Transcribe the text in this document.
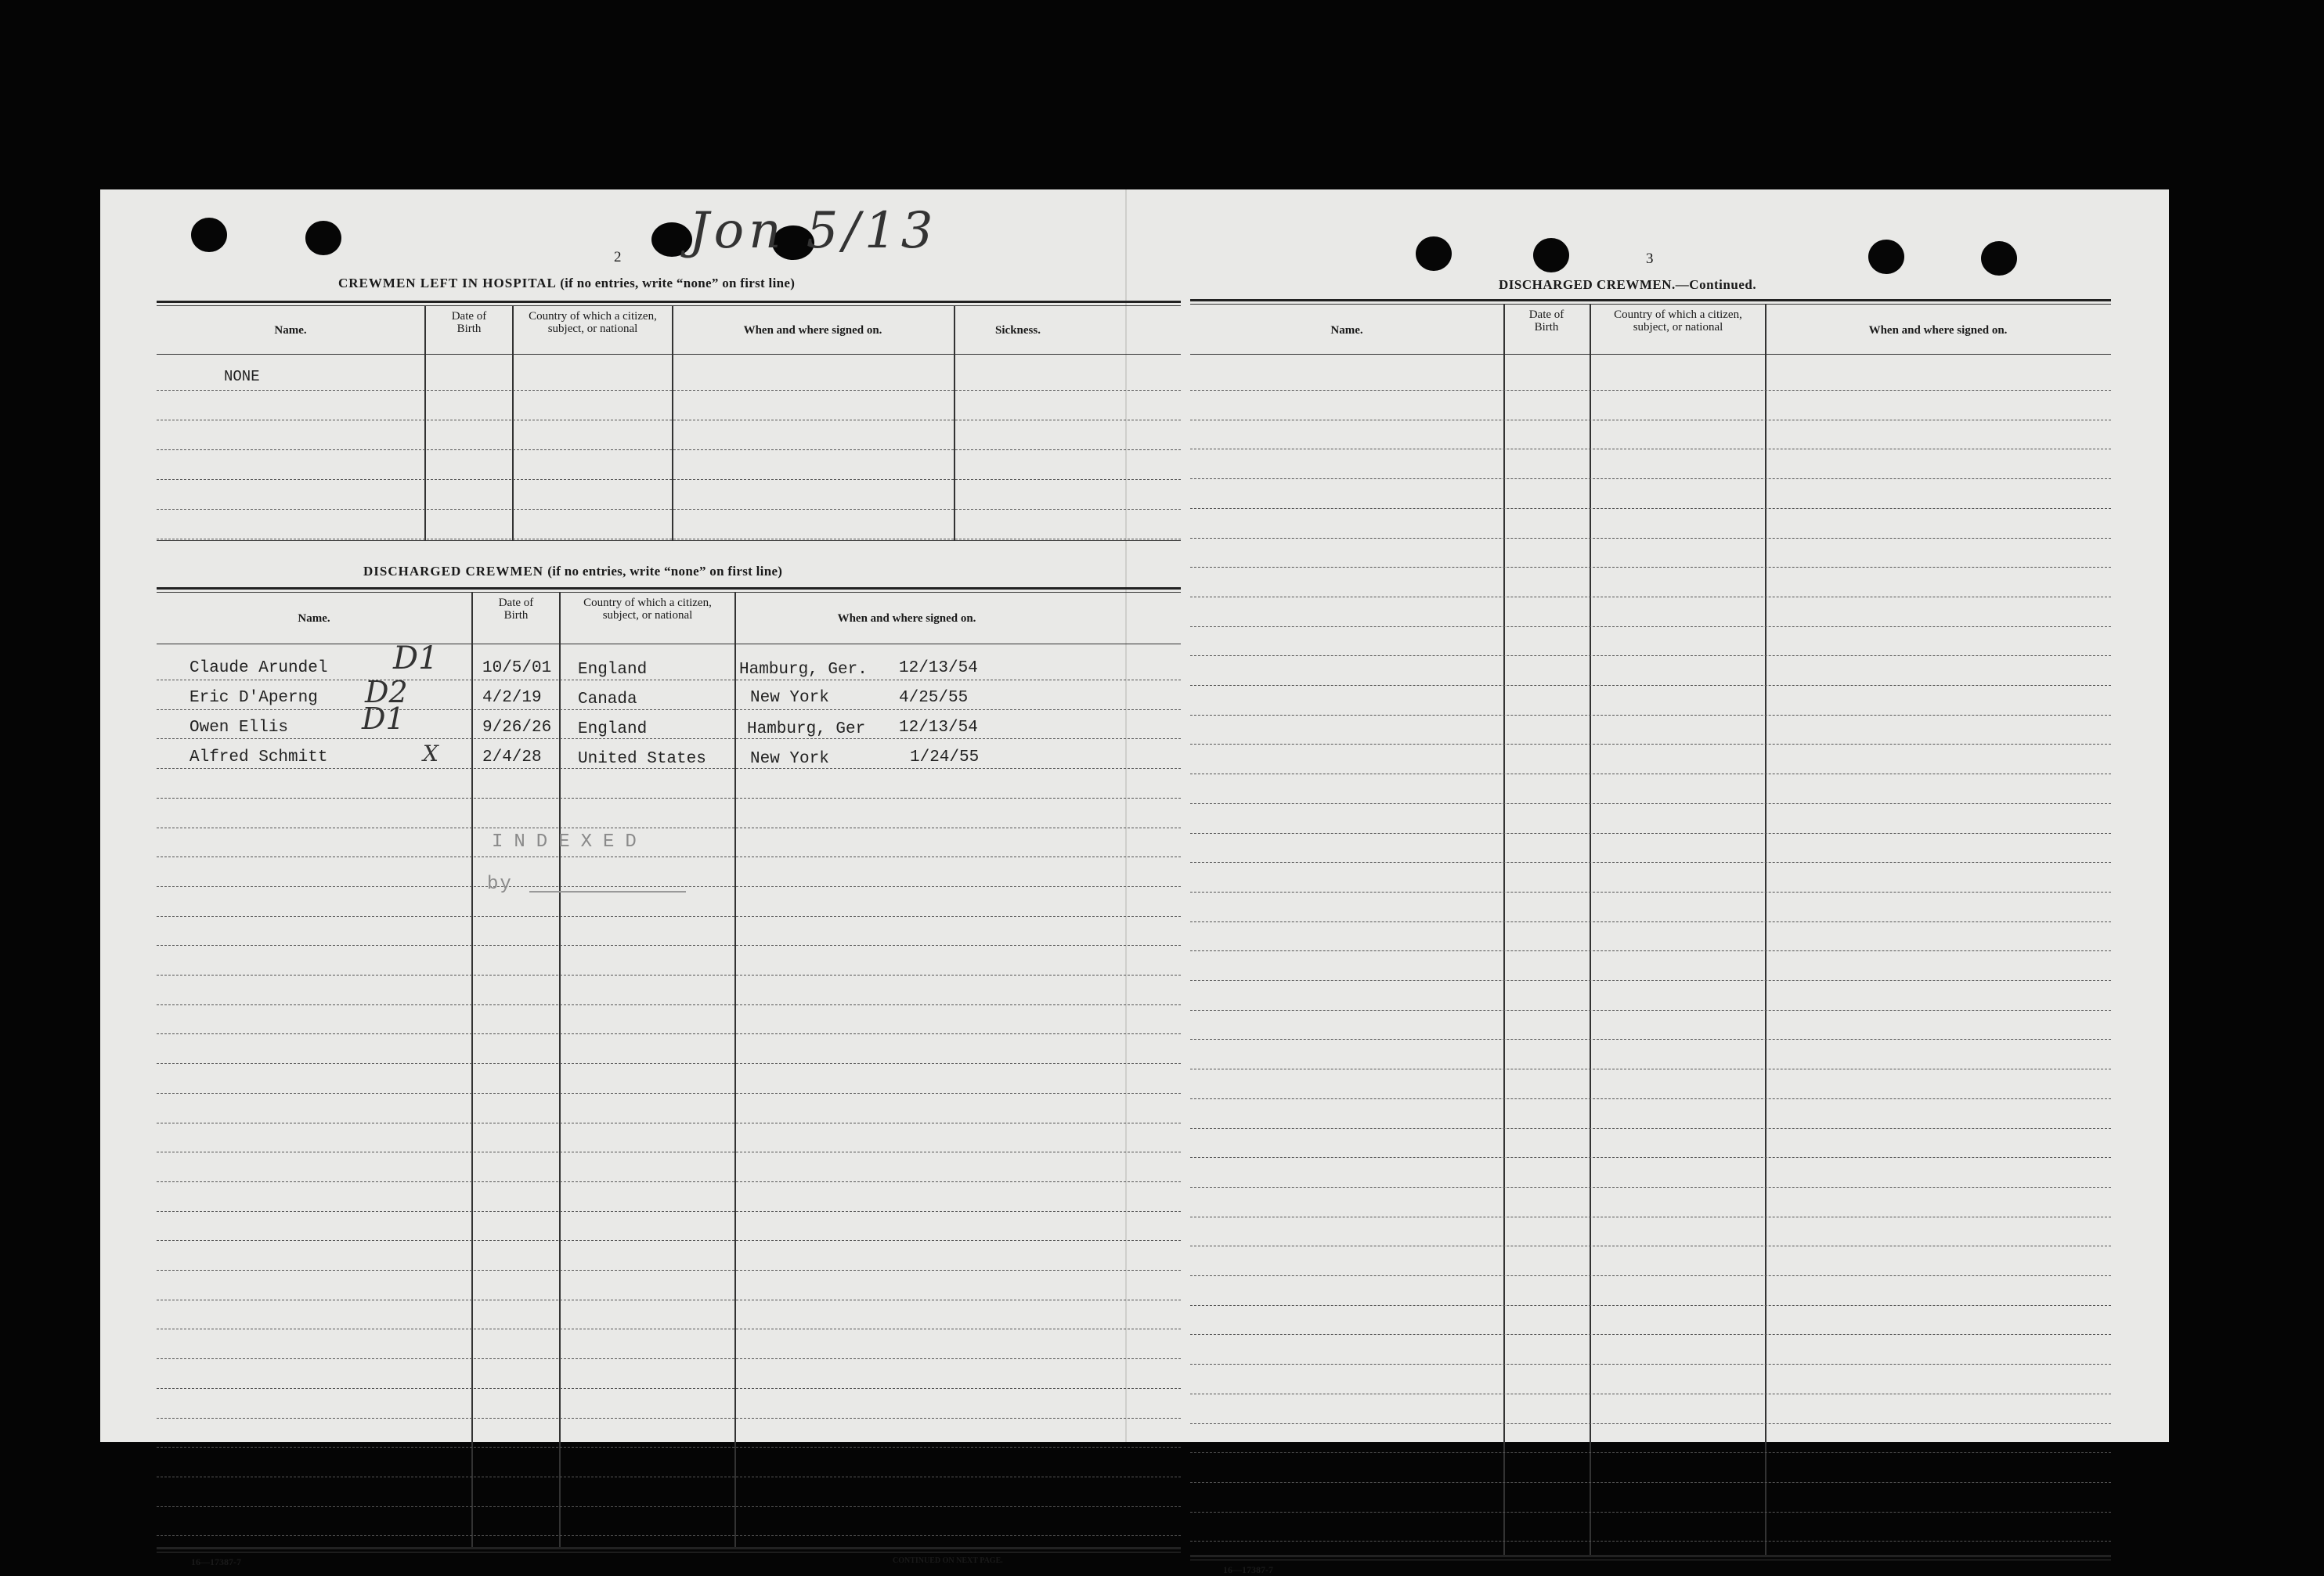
2 Jon 5/13
CREWMEN LEFT IN HOSPITAL (if no entries, write “none” on first line)
Name.
Date of Birth
Country of which a citizen, subject, or national	When and where signed on.	Sickness.
NONE
DISCHARGED CREWMEN (if no entries, write “none” on first line)
Name.
Date of Birth
Country of which a citizen, subject, or national	When and where signed on.
Claude Arundel	10/5/01 England	Hamburg, Ger. 12/13/54
D1
Eric D'Aperng	4/2/19 Canada	New York	4/25/55
D2
Owen Ellis	9/26/26 England	Hamburg, Ger 12/13/54
D1
Alfred Schmitt	2/4/28 United States	New York	1/24/55
X
INDEXED
by
16—17387-7	CONTINUED ON NEXT PAGE.
3
DISCHARGED CREWMEN.—Continued.
Name.
Date of Birth
Country of which a citizen, subject, or national	When and where signed on.
16—17387-7
